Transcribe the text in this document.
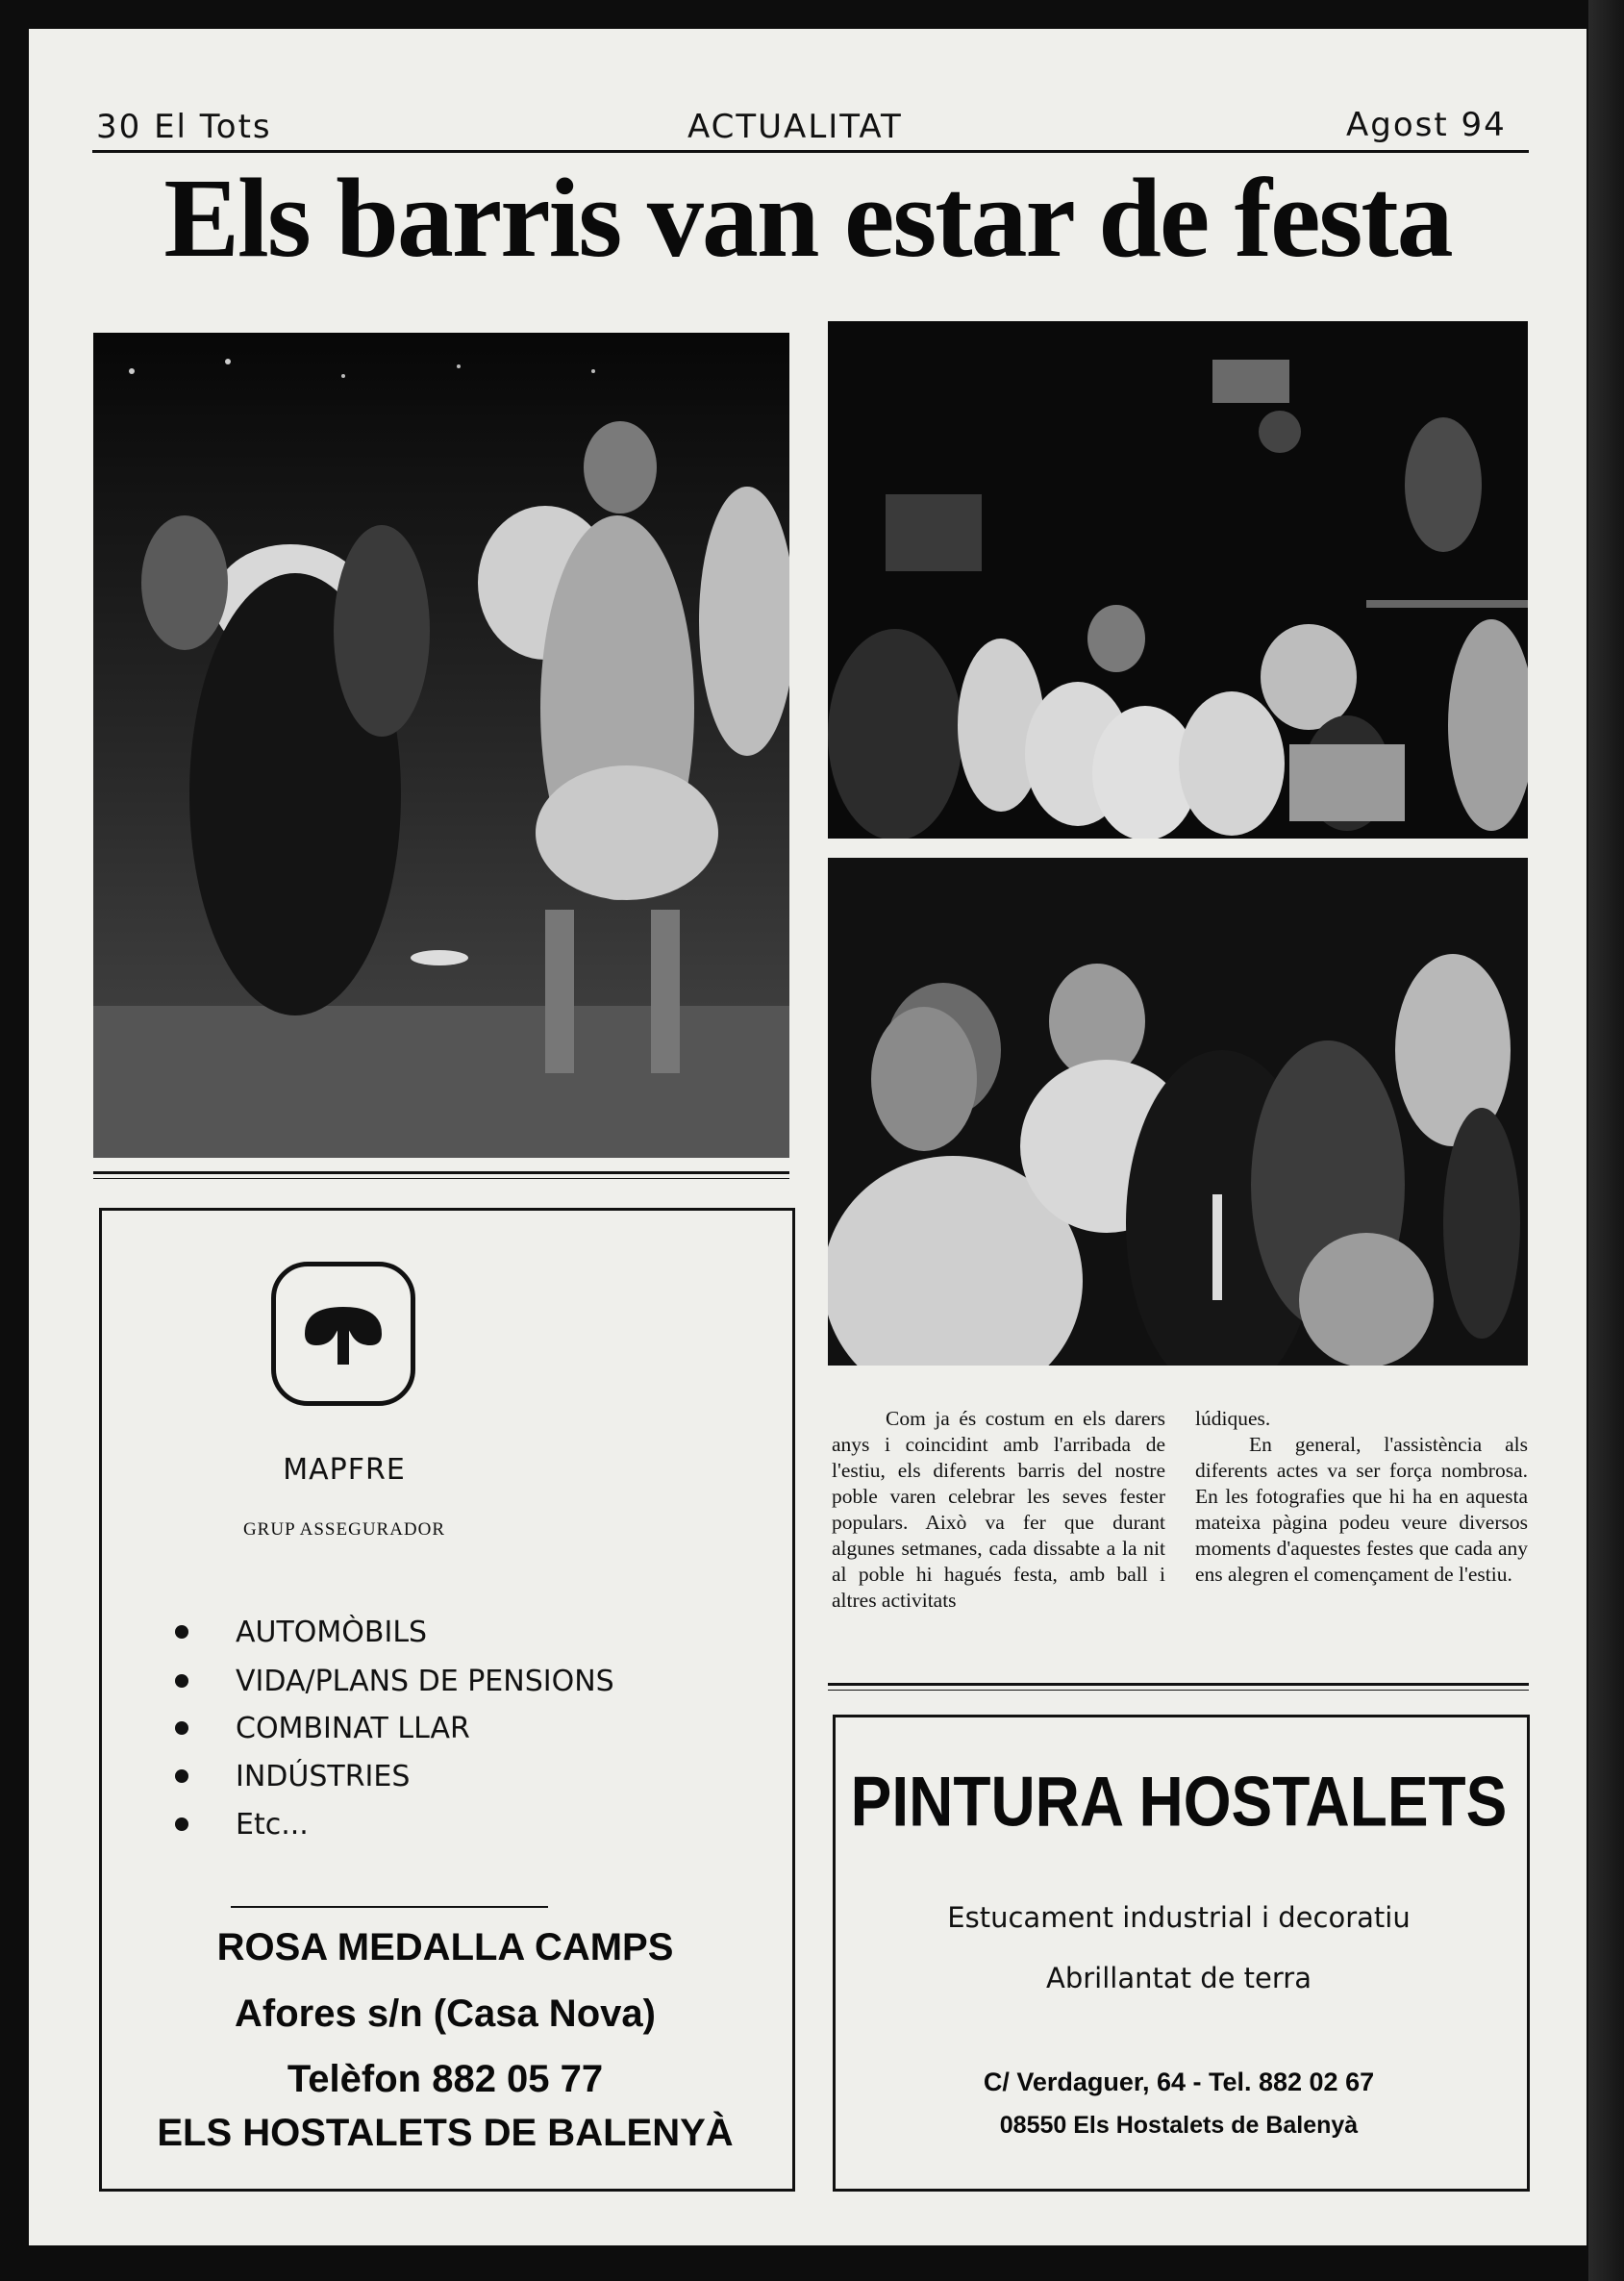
30 El Tots	ACTUALITAT	Agost 94
Els barris van estar de festa

Com ja és costum en els darers anys i coincidint amb l'arribada de l'estiu, els diferents barris del nostre poble varen celebrar les seves fester populars. Això va fer que durant algunes setmanes, cada dissabte a la nit al poble hi hagués festa, amb ball i altres activitats

lúdiques.

En general, l'assistència als diferents actes va ser força nombrosa. En les fotografies que hi ha en aquesta mateixa pàgina podeu veure diversos moments d'aquestes festes que cada any ens alegren el començament de l'estiu.

MAPFRE
GRUP ASSEGURADOR
AUTOMÒBILS
VIDA/PLANS DE PENSIONS
COMBINAT LLAR
INDÚSTRIES
Etc...
ROSA MEDALLA CAMPS
Afores s/n (Casa Nova)
Telèfon 882 05 77
ELS HOSTALETS DE BALENYÀ
PINTURA HOSTALETS
Estucament industrial i decoratiu
Abrillantat de terra
C/ Verdaguer, 64 - Tel. 882 02 67
08550 Els Hostalets de Balenyà
